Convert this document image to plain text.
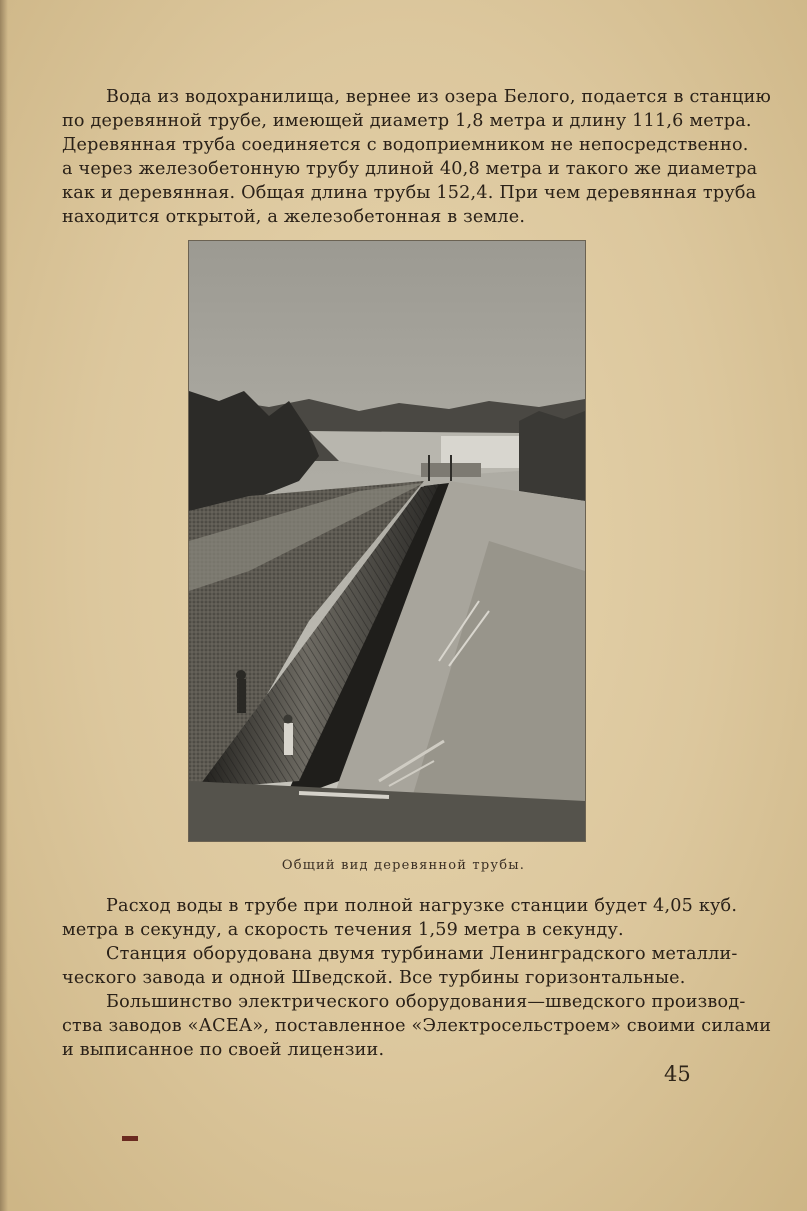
Вода из водохранилища, вернее из озера Белого, подается в станцию
по деревянной трубе, имеющей диаметр 1,8 метра и длину 111,6 метра.
Деревянная труба соединяется с водоприемником не непосредственно.
а через железобетонную трубу длиной 40,8 метра и такого же диаметра
как и деревянная. Общая длина трубы 152,4. При чем деревянная труба
находится открытой, а железобетонная в земле.
Общий вид деревянной трубы.
Расход воды в трубе при полной нагрузке станции будет 4,05 куб.
метра в секунду, а скорость течения 1,59 метра в секунду.
Станция оборудована двумя турбинами Ленинградского металли-
ческого завода и одной Шведской. Все турбины горизонтальные.
Большинство электрического оборудования—шведского производ-
ства заводов «АСЕА», поставленное «Электросельстроем» своими силами
и выписанное по своей лицензии.
45
